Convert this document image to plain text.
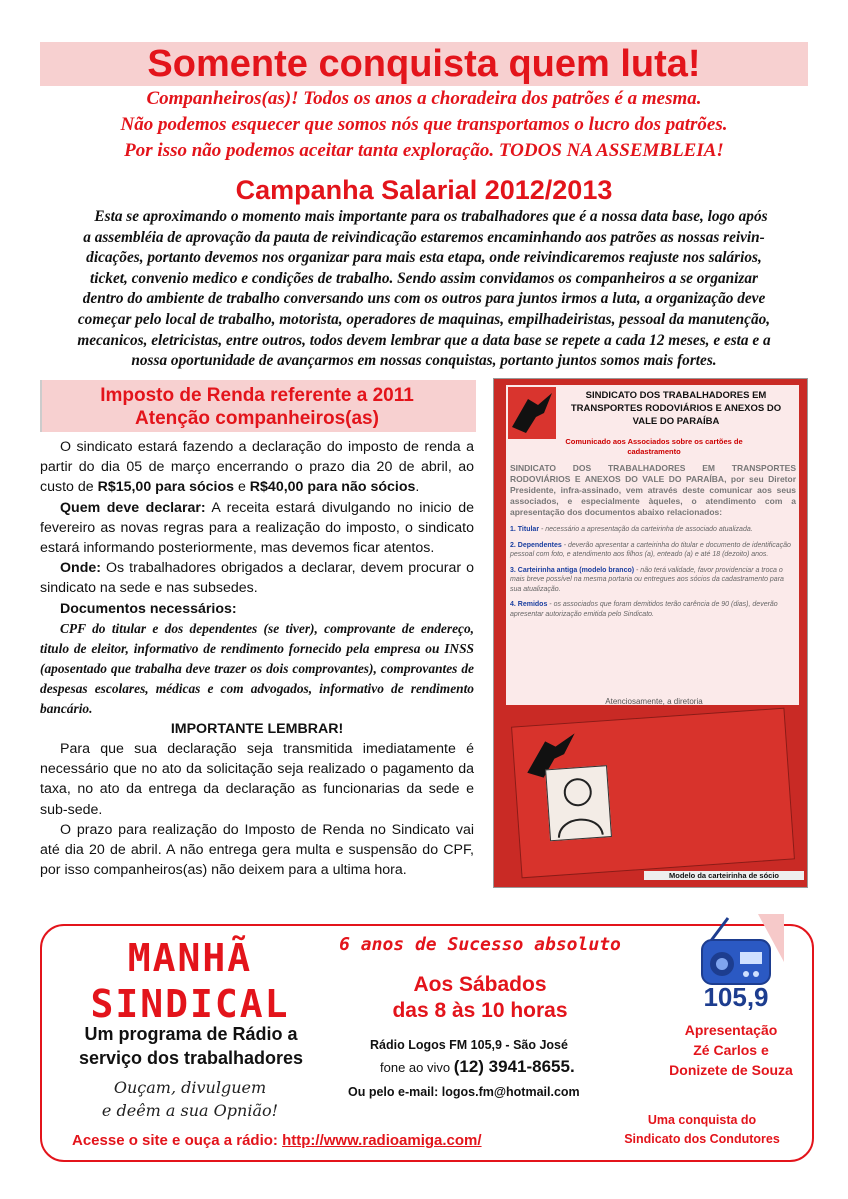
Somente conquista quem luta!
Companheiros(as)! Todos os anos a choradeira dos patrões é a mesma.
Não podemos esquecer que somos nós que transportamos o lucro dos patrões.
Por isso não podemos aceitar tanta exploração. TODOS NA ASSEMBLEIA!
Campanha Salarial 2012/2013

Esta se aproximando o momento mais importante para os trabalhadores que é a nossa data base, logo após

a assembléia de aprovação da pauta de reivindicação estaremos encaminhando aos patrões as nossas reivin-

dicações, portanto devemos nos organizar para mais esta etapa, onde reivindicaremos reajuste nos salários,

ticket, convenio medico e condições de trabalho. Sendo assim convidamos os companheiros a se organizar

dentro do ambiente de trabalho conversando uns com os outros para juntos irmos a luta, a organização deve

começar pelo local de trabalho, motorista, operadores de maquinas, empilhadeiristas, pessoal da manutenção,

mecanicos, eletricistas, entre outros, todos devem lembrar que a data base se repete a cada 12 meses, e esta e a

nossa oportunidade de avançarmos em nossas conquistas, portanto juntos somos mais fortes.

Imposto de Renda referente a 2011
Atenção companheiros(as)

O sindicato estará fazendo a declaração do imposto de renda a partir do dia 05 de março encerrando o prazo dia 20 de abril, ao custo de R$15,00 para sócios e R$40,00 para não sócios.

Quem deve declarar: A receita estará divulgando no inicio de fevereiro as novas regras para a realização do imposto, o sindicato estará informando posteriormente, mas devemos ficar atentos.

Onde: Os trabalhadores obrigados a declarar, devem procurar o sindicato na sede e nas subsedes.

Documentos necessários:

CPF do titular e dos dependentes (se tiver), comprovante de endereço, titulo de eleitor, informativo de rendimento fornecido pela empresa ou INSS (aposentado que trabalha deve trazer os dois comprovantes), comprovantes de despesas escolares, médicas e com advogados, informativo de rendimento bancário.

IMPORTANTE LEMBRAR!

Para que sua declaração seja transmitida imediatamente é necessário que no ato da solicitação seja realizado o pagamento da taxa, no ato da entrega da declaração as funcionarias da sede e sub-sede.

O prazo para realização do Imposto de Renda no Sindicato vai até dia 20 de abril. A não entrega gera multa e suspensão do CPF, por isso companheiros(as) não deixem para a ultima hora.

SINDICATO DOS TRABALHADORES EM TRANSPORTES RODOVIÁRIOS E ANEXOS DO VALE DO PARAÍBA
Comunicado aos Associados sobre os cartões de cadastramento
SINDICATO DOS TRABALHADORES EM TRANSPORTES RODOVIÁRIOS E ANEXOS DO VALE DO PARAÍBA, por seu Diretor Presidente, infra-assinado, vem através deste comunicar aos seus associados, e especialmente àqueles, o atendimento com a apresentação dos documentos abaixo relacionados:
1. Titular - necessário a apresentação da carteirinha de associado atualizada.
2. Dependentes - deverão apresentar a carteirinha do titular e documento de identificação pessoal com foto, e atendimento aos filhos (a), enteado (a) e até 18 (dezoito) anos.
3. Carteirinha antiga (modelo branco) - não terá validade, favor providenciar a troca o mais breve possível na mesma portaria ou entregues aos sócios da cadastramento para sua atualização.
4. Remidos - os associados que foram demitidos terão carência de 90 (dias), deverão apresentar autorização emitida pelo Sindicato.
Atenciosamente, a diretoria
Modelo da carteirinha de sócio
MANHÃ
SINDICAL
Um programa de Rádio a
serviço dos trabalhadores
Ouçam, divulguem
e deêm a sua Opnião!
6 anos de Sucesso absoluto
Aos Sábados
das 8 às 10 horas
Rádio Logos FM 105,9 - São José
fone ao vivo (12) 3941-8655.
Ou pelo e-mail: logos.fm@hotmail.com
Acesse o site e ouça a rádio: http://www.radioamiga.com/
105,9
Apresentação
Zé Carlos e
Donizete de Souza
Uma conquista do
Sindicato dos Condutores
